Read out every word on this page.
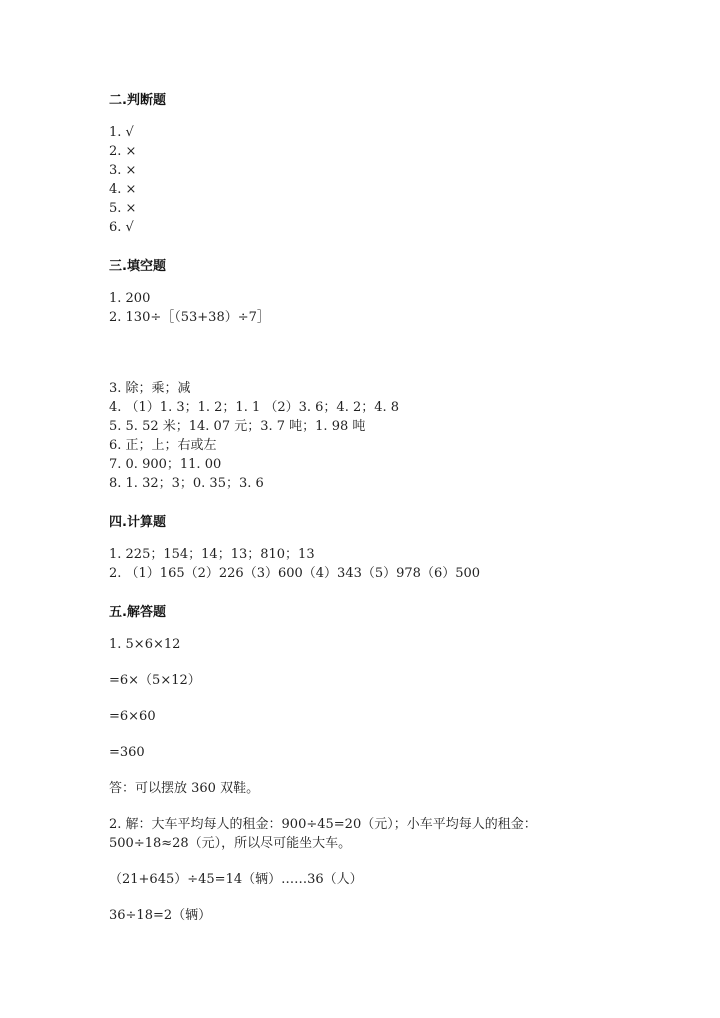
二.判断题
1. √
2. ×
3. ×
4. ×
5. ×
6. √
三.填空题
1. 200
2. 130÷［（53+38）÷7］
3. 除；乘；减
4. （1）1. 3；1. 2；1. 1 （2）3. 6；4. 2；4. 8
5. 5. 52 米；14. 07 元；3. 7 吨；1. 98 吨
6. 正；上；右或左
7. 0. 900；11. 00
8. 1. 32；3；0. 35；3. 6
四.计算题
1. 225；154；14；13；810；13
2. （1）165（2）226（3）600（4）343（5）978（6）500
五.解答题
1. 5×6×12
=6×（5×12）
=6×60
=360
答：可以摆放 360 双鞋。
2. 解：大车平均每人的租金：900÷45=20（元）；小车平均每人的租金：
500÷18≈28（元），所以尽可能坐大车。
（21+645）÷45=14（辆）……36（人）
36÷18=2（辆）
